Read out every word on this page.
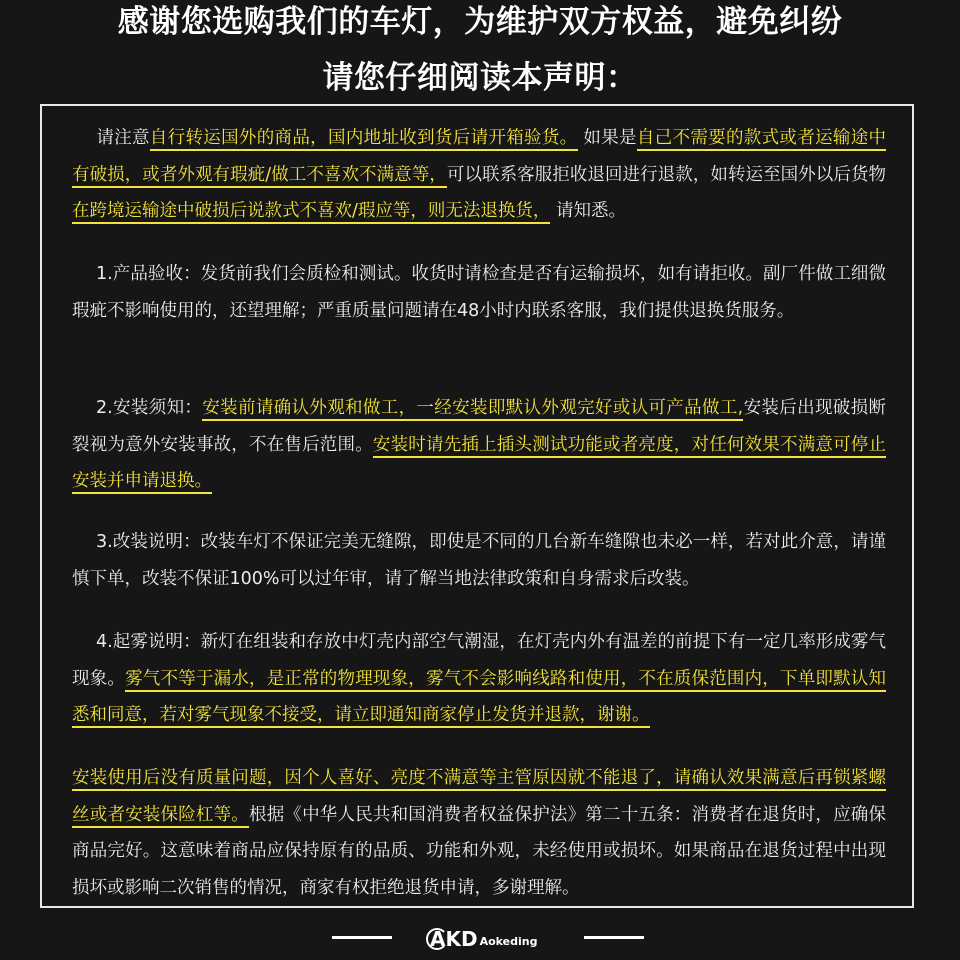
感谢您选购我们的车灯，为维护双方权益，避免纠纷
请您仔细阅读本声明：

请注意自行转运国外的商品，国内地址收到货后请开箱验货。 如果是自己不需要的款式或者运输途中有破损，或者外观有瑕疵/做工不喜欢不满意等，可以联系客服拒收退回进行退款，如转运至国外以后货物在跨境运输途中破损后说款式不喜欢/瑕应等，则无法退换货， 请知悉。

1.产品验收：发货前我们会质检和测试。收货时请检查是否有运输损坏，如有请拒收。副厂件做工细微瑕疵不影响使用的，还望理解；严重质量问题请在48小时内联系客服，我们提供退换货服务。

2.安装须知：安装前请确认外观和做工，一经安装即默认外观完好或认可产品做工,安装后出现破损断裂视为意外安装事故，不在售后范围。安装时请先插上插头测试功能或者亮度，对任何效果不满意可停止安装并申请退换。

3.改装说明：改装车灯不保证完美无缝隙，即使是不同的几台新车缝隙也未必一样，若对此介意，请谨慎下单，改装不保证100%可以过年审，请了解当地法律政策和自身需求后改装。

4.起雾说明：新灯在组装和存放中灯壳内部空气潮湿，在灯壳内外有温差的前提下有一定几率形成雾气现象。雾气不等于漏水，是正常的物理现象，雾气不会影响线路和使用，不在质保范围内，下单即默认知悉和同意，若对雾气现象不接受，请立即通知商家停止发货并退款，谢谢。

安装使用后没有质量问题，因个人喜好、亮度不满意等主管原因就不能退了，请确认效果满意后再锁紧螺丝或者安装保险杠等。根据《中华人民共和国消费者权益保护法》第二十五条：消费者在退货时，应确保商品完好。这意味着商品应保持原有的品质、功能和外观，未经使用或损坏。如果商品在退货过程中出现损坏或影响二次销售的情况，商家有权拒绝退货申请，多谢理解。

AKD Aokeding
